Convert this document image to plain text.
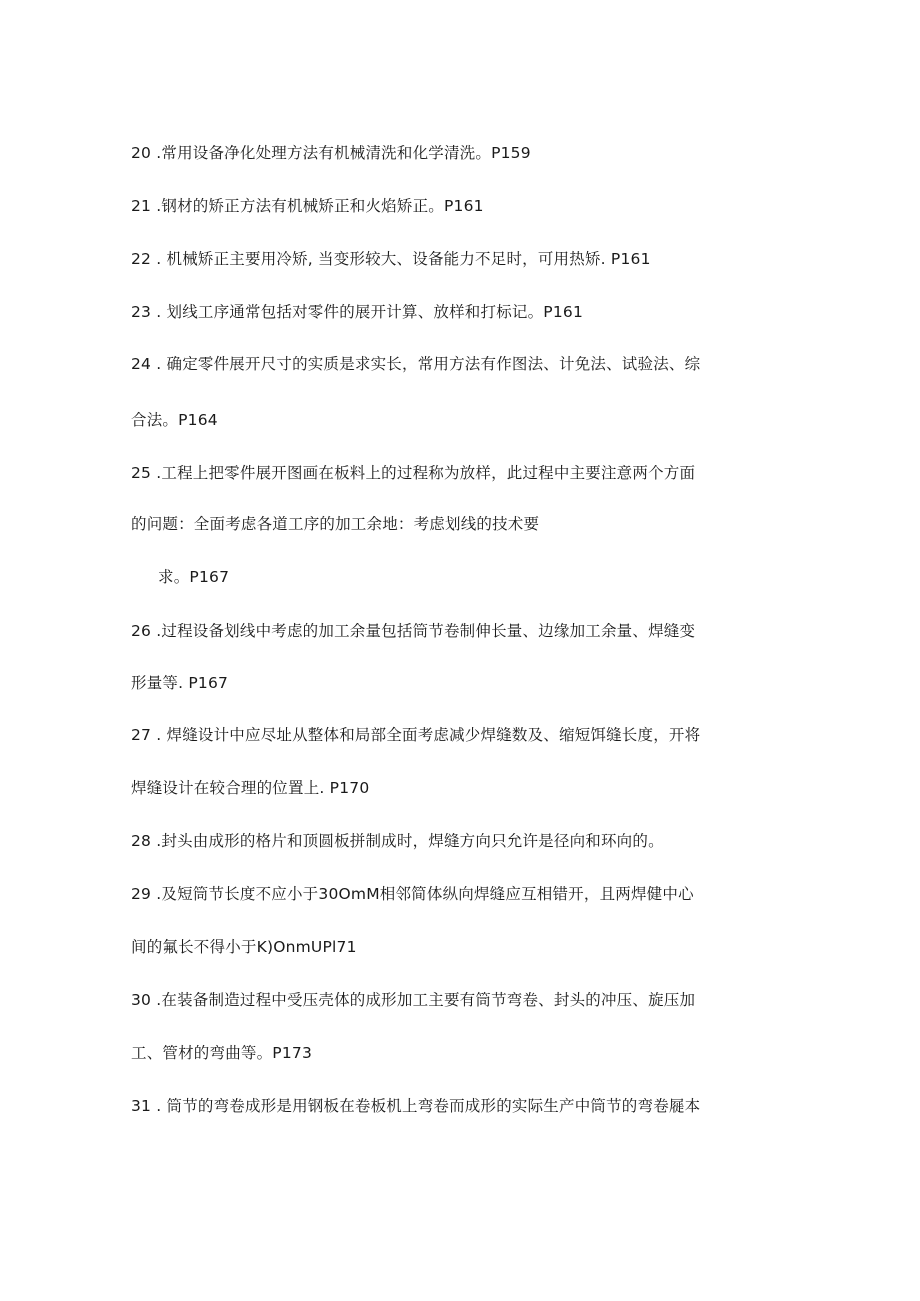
20 .常用设备净化处理方法有机械清洗和化学清洗。P159
21 .钢材的矫正方法有机械矫正和火焰矫正。P161
22 . 机械矫正主要用冷矫, 当变形较大、设备能力不足时，可用热矫. P161
23 . 划线工序通常包括对零件的展开计算、放样和打标记。P161
24 . 确定零件展开尺寸的实质是求实长，常用方法有作图法、计免法、试验法、综
合法。P164
25 .工程上把零件展开图画在板料上的过程称为放样，此过程中主要注意两个方面
的问题：全面考虑各道工序的加工余地：考虑划线的技术要
求。P167
26 .过程设备划线中考虑的加工余量包括筒节卷制伸长量、边缘加工余量、焊缝变
形量等. P167
27 . 焊缝设计中应尽址从整体和局部全面考虑减少焊缝数及、缩短饵缝长度，开将
焊缝设计在较合理的位置上. P170
28 .封头由成形的格片和顶圆板拼制成时，焊缝方向只允许是径向和环向的。
29 .及短筒节长度不应小于30OmM相邻简体纵向焊缝应互相错开，且两焊健中心
间的氟长不得小于K)OnmUPl71
30 .在装备制造过程中受压壳体的成形加工主要有筒节弯卷、封头的冲压、旋压加
工、管材的弯曲等。P173
31 . 筒节的弯卷成形是用钢板在卷板机上弯卷而成形的实际生产中筒节的弯卷屣本
